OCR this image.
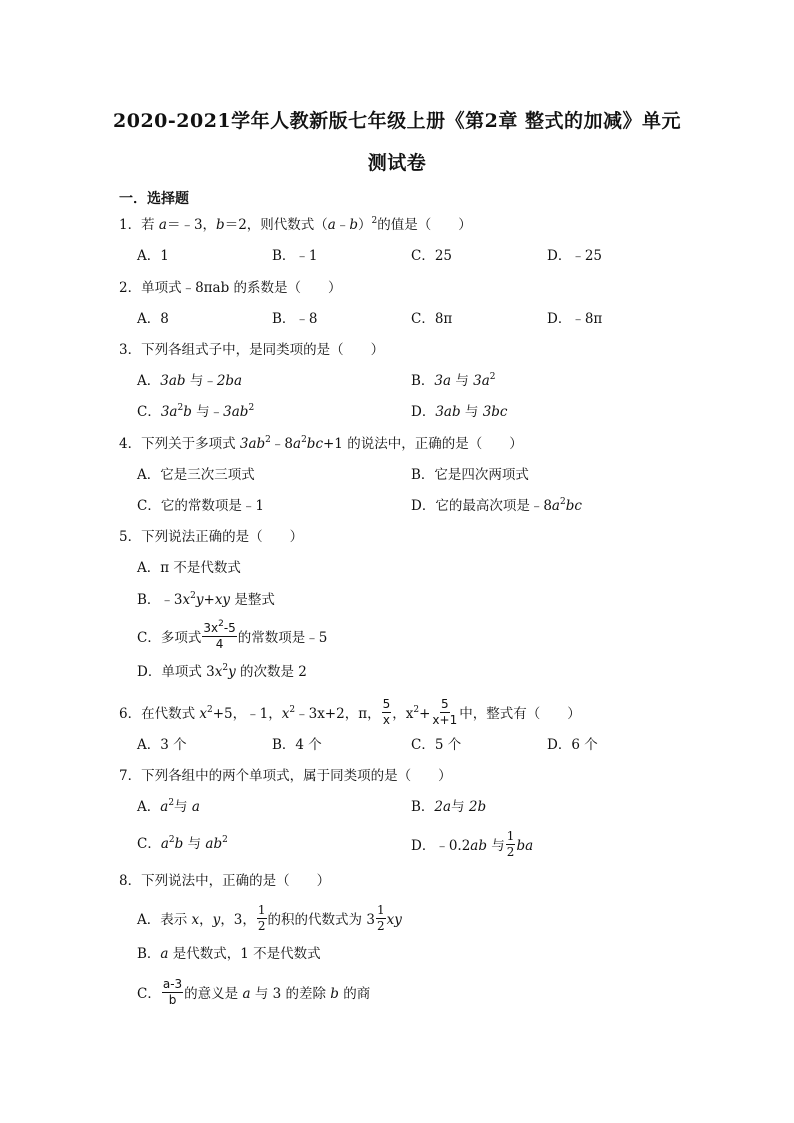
2020-2021学年人教新版七年级上册《第2章 整式的加减》单元
测试卷
一．选择题
1．若 a＝﹣3，b＝2，则代数式（a﹣b）$^2$的值是（　　）
A．1	B．﹣1	C．25	D．﹣25
2．单项式﹣8πab 的系数是（　　）
A．8	B．﹣8	C．8π	D．﹣8π
3．下列各组式子中，是同类项的是（　　）
A．3ab 与﹣2ba	B．3a 与 $3a^2$
C．$3a^2b$ 与$﹣3ab^2$	D．3ab 与 3bc
4．下列关于多项式 $3ab^2﹣8a^2bc+1$ 的说法中，正确的是（　　）
A．它是三次三项式	B．它是四次两项式
C．它的常数项是﹣1	D．它的最高次项是$﹣8a^2bc$
5．下列说法正确的是（　　）
A．π 不是代数式
B．$﹣3x^2y+xy$ 是整式
C．多项式 $\frac{3x^2-5}{4}$ 的常数项是﹣5
D．单项式 $3x^2y$ 的次数是 2
6．在代数式 $x^2+5$，﹣1，$x^2﹣3x+2$，π， $\frac{5}{x}$ ，$x^2+ \frac{5}{x+1}$ 中，整式有（　　）
A．3 个	B．4 个	C．5 个	D．6 个
7．下列各组中的两个单项式，属于同类项的是（　　）
A．$a^2$与 a	B．2a与 2b
C．$a^2b$ 与 $ab^2$	D．﹣0.2ab 与 $\frac{1}{2}$ ba
8．下列说法中，正确的是（　　）
A．表示 x，y，3， $\frac{1}{2}$ 的积的代数式为 $3 \frac{1}{2}$ xy
B．a 是代数式，1 不是代数式
C． $\frac{a-3}{b}$ 的意义是 a 与 3 的差除 b 的商
